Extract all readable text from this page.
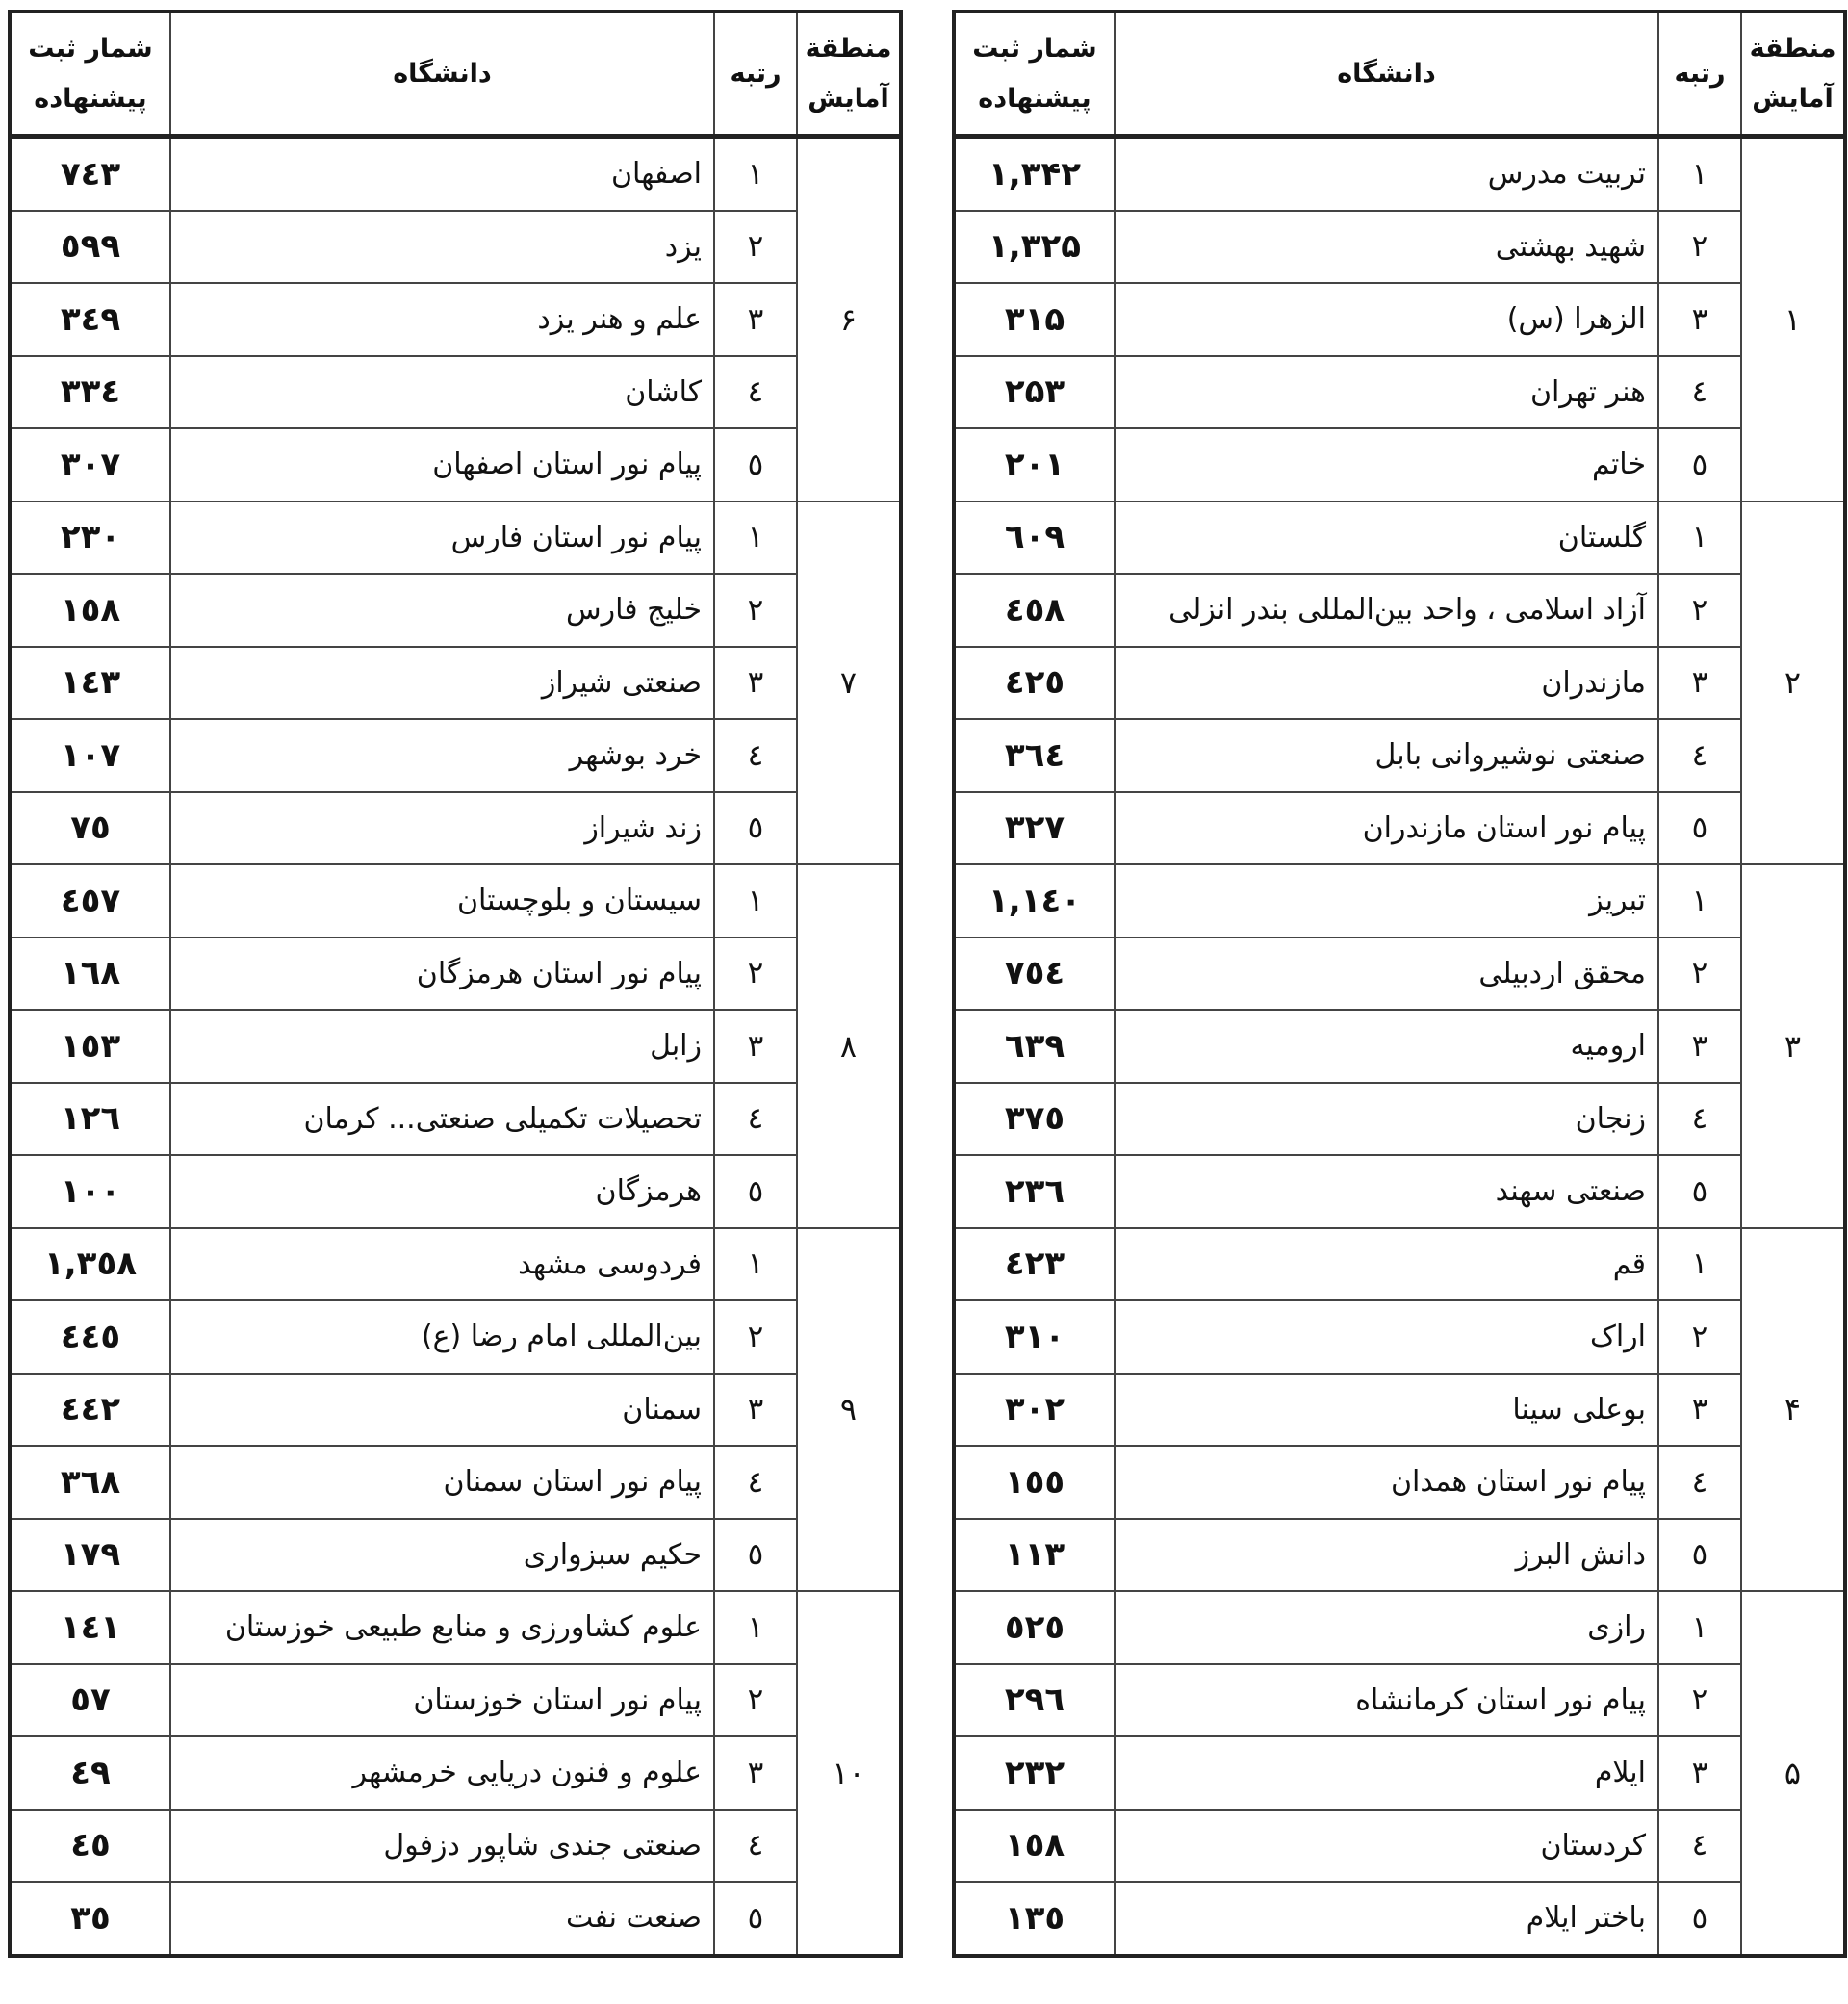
منطقة
آمایش	رتبه	دانشگاه	شمار ثبت
پیشنهاده
۱	۱	تربیت مدرس	۱,۳۴۲
	۲	شهید بهشتی	۱,۳۲۵
	۳	الزهرا (س)	۳۱۵
	٤	هنر تهران	۲۵۳
	٥	خاتم	۲۰۱
۲	۱	گلستان	٦۰۹
	۲	آزاد اسلامی ، واحد بین‌المللی بندر انزلی	٤٥۸
	۳	مازندران	٤۲٥
	٤	صنعتی نوشیروانی بابل	۳٦٤
	٥	پیام نور استان مازندران	۳۲۷
۳	۱	تبریز	۱,۱٤۰
	۲	محقق اردبیلی	۷٥٤
	۳	ارومیه	٦۳۹
	٤	زنجان	۳۷٥
	٥	صنعتی سهند	۲۳٦
۴	۱	قم	٤۲۳
	۲	اراک	۳۱۰
	۳	بوعلی سینا	۳۰۲
	٤	پیام نور استان همدان	۱٥٥
	٥	دانش البرز	۱۱۳
۵	۱	رازی	٥۲٥
	۲	پیام نور استان کرمانشاه	۲۹٦
	۳	ایلام	۲۳۲
	٤	کردستان	۱٥۸
	٥	باختر ایلام	۱۳٥
منطقة
آمایش	رتبه	دانشگاه	شمار ثبت
پیشنهاده
۶	۱	اصفهان	۷٤۳
	۲	یزد	٥۹۹
	۳	علم و هنر یزد	۳٤۹
	٤	کاشان	۳۳٤
	٥	پیام نور استان اصفهان	۳۰۷
۷	۱	پیام نور استان فارس	۲۳۰
	۲	خلیج فارس	۱٥۸
	۳	صنعتی شیراز	۱٤۳
	٤	خرد بوشهر	۱۰۷
	٥	زند شیراز	۷٥
۸	۱	سیستان و بلوچستان	٤٥۷
	۲	پیام نور استان هرمزگان	۱٦۸
	۳	زابل	۱٥۳
	٤	تحصیلات تکمیلی صنعتی... کرمان	۱۲٦
	٥	هرمزگان	۱۰۰
۹	۱	فردوسی مشهد	۱,۳٥۸
	۲	بین‌المللی امام رضا (ع)	٤٤٥
	۳	سمنان	٤٤۲
	٤	پیام نور استان سمنان	۳٦۸
	٥	حکیم سبزواری	۱۷۹
۱۰	۱	علوم کشاورزی و منابع طبیعی خوزستان	۱٤۱
	۲	پیام نور استان خوزستان	٥۷
	۳	علوم و فنون دریایی خرمشهر	٤۹
	٤	صنعتی جندی شاپور دزفول	٤٥
	٥	صنعت نفت	۳٥
